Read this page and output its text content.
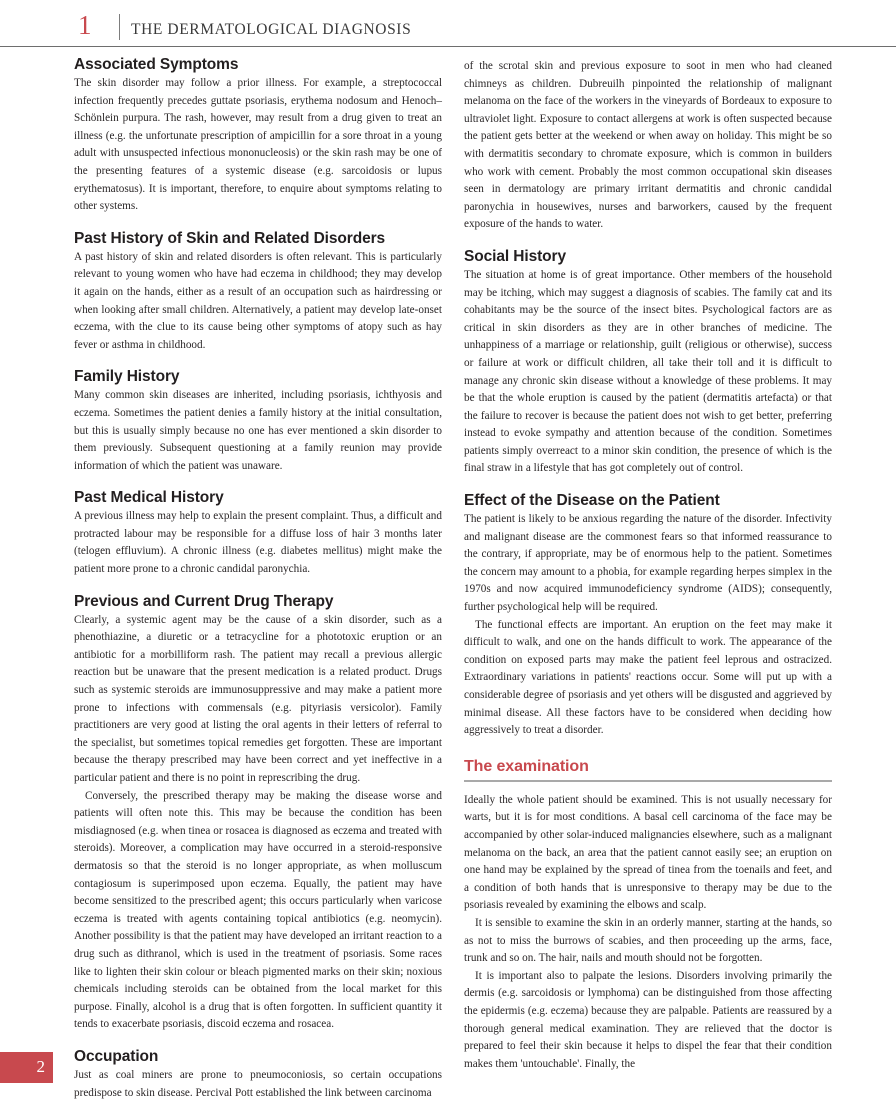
1	THE DERMATOLOGICAL DIAGNOSIS
Associated Symptoms

The skin disorder may follow a prior illness. For example, a streptococcal infection frequently precedes guttate psoriasis, erythema nodosum and Henoch–Schönlein purpura. The rash, however, may result from a drug given to treat an illness (e.g. the unfortunate prescription of ampicillin for a sore throat in a young adult with unsuspected infectious mononucleosis) or the skin rash may be one of the presenting features of a systemic disease (e.g. sarcoidosis or lupus erythematosus). It is important, therefore, to enquire about symptoms relating to other systems.

Past History of Skin and Related Disorders

A past history of skin and related disorders is often relevant. This is particularly relevant to young women who have had eczema in childhood; they may develop it again on the hands, either as a result of an occupation such as hairdressing or when looking after small children. Alternatively, a patient may develop late-onset eczema, with the clue to its cause being other symptoms of atopy such as hay fever or asthma in childhood.

Family History

Many common skin diseases are inherited, including psoriasis, ichthyosis and eczema. Sometimes the patient denies a family history at the initial consultation, but this is usually simply because no one has ever mentioned a skin disorder to them previously. Subsequent questioning at a family reunion may provide information of which the patient was unaware.

Past Medical History

A previous illness may help to explain the present complaint. Thus, a difficult and protracted labour may be responsible for a diffuse loss of hair 3 months later (telogen effluvium). A chronic illness (e.g. diabetes mellitus) might make the patient more prone to a chronic candidal paronychia.

Previous and Current Drug Therapy

Clearly, a systemic agent may be the cause of a skin disorder, such as a phenothiazine, a diuretic or a tetracycline for a phototoxic eruption or an antibiotic for a morbilliform rash. The patient may recall a previous allergic reaction but be unaware that the present medication is a related product. Drugs such as systemic steroids are immunosuppressive and may make a patient more prone to infections with commensals (e.g. pityriasis versicolor). Family practitioners are very good at listing the oral agents in their letters of referral to the specialist, but sometimes topical remedies get forgotten. These are important because the therapy prescribed may have been correct and yet ineffective in a particular patient and there is no point in represcribing the drug.

Conversely, the prescribed therapy may be making the disease worse and patients will often note this. This may be because the condition has been misdiagnosed (e.g. when tinea or rosacea is diagnosed as eczema and treated with steroids). Moreover, a complication may have occurred in a steroid-responsive dermatosis so that the steroid is no longer appropriate, as when molluscum contagiosum is superimposed upon eczema. Equally, the patient may have become sensitized to the prescribed agent; this occurs particularly when varicose eczema is treated with agents containing topical antibiotics (e.g. neomycin). Another possibility is that the patient may have developed an irritant reaction to a drug such as dithranol, which is used in the treatment of psoriasis. Some races like to lighten their skin colour or bleach pigmented marks on their skin; noxious chemicals including steroids can be obtained from the local market for this purpose. Finally, alcohol is a drug that is often forgotten. In sufficient quantity it tends to exacerbate psoriasis, discoid eczema and rosacea.

Occupation

Just as coal miners are prone to pneumoconiosis, so certain occupations predispose to skin disease. Percival Pott established the link between carcinoma

of the scrotal skin and previous exposure to soot in men who had cleaned chimneys as children. Dubreuilh pinpointed the relationship of malignant melanoma on the face of the workers in the vineyards of Bordeaux to exposure to ultraviolet light. Exposure to contact allergens at work is often suspected because the patient gets better at the weekend or when away on holiday. This might be so with dermatitis secondary to chromate exposure, which is common in builders who work with cement. Probably the most common occupational skin diseases seen in dermatology are primary irritant dermatitis and chronic candidal paronychia in housewives, nurses and barworkers, caused by the frequent exposure of the hands to water.

Social History

The situation at home is of great importance. Other members of the household may be itching, which may suggest a diagnosis of scabies. The family cat and its cohabitants may be the source of the insect bites. Psychological factors are as critical in skin disorders as they are in other branches of medicine. The unhappiness of a marriage or relationship, guilt (religious or otherwise), success or failure at work or difficult children, all take their toll and it is difficult to manage any chronic skin disease without a knowledge of these problems. It may be that the whole eruption is caused by the patient (dermatitis artefacta) or that the failure to recover is because the patient does not wish to get better, preferring instead to evoke sympathy and attention because of the condition. Sometimes patients simply overreact to a minor skin condition, the presence of which is the final straw in a lifestyle that has got completely out of control.

Effect of the Disease on the Patient

The patient is likely to be anxious regarding the nature of the disorder. Infectivity and malignant disease are the commonest fears so that informed reassurance to the contrary, if appropriate, may be of enormous help to the patient. Sometimes the concern may amount to a phobia, for example regarding herpes simplex in the 1970s and now acquired immunodeficiency syndrome (AIDS); consequently, further psychological help will be required.

The functional effects are important. An eruption on the feet may make it difficult to walk, and one on the hands difficult to work. The appearance of the condition on exposed parts may make the patient feel leprous and ostracized. Extraordinary variations in patients' reactions occur. Some will put up with a considerable degree of psoriasis and yet others will be disgusted and aggrieved by minimal disease. All these factors have to be considered when deciding how aggressively to treat a disorder.

The examination

Ideally the whole patient should be examined. This is not usually necessary for warts, but it is for most conditions. A basal cell carcinoma of the face may be accompanied by other solar-induced malignancies elsewhere, such as a malignant melanoma on the back, an area that the patient cannot easily see; an eruption on one hand may be explained by the spread of tinea from the toenails and feet, and a condition of both hands that is unresponsive to therapy may be due to the psoriasis revealed by examining the elbows and scalp.

It is sensible to examine the skin in an orderly manner, starting at the hands, so as not to miss the burrows of scabies, and then proceeding up the arms, face, trunk and so on. The hair, nails and mouth should not be forgotten.

It is important also to palpate the lesions. Disorders involving primarily the dermis (e.g. sarcoidosis or lymphoma) can be distinguished from those affecting the epidermis (e.g. eczema) because they are palpable. Patients are reassured by a thorough general medical examination. They are relieved that the doctor is prepared to feel their skin because it helps to dispel the fear that their condition makes them 'untouchable'. Finally, the

2
